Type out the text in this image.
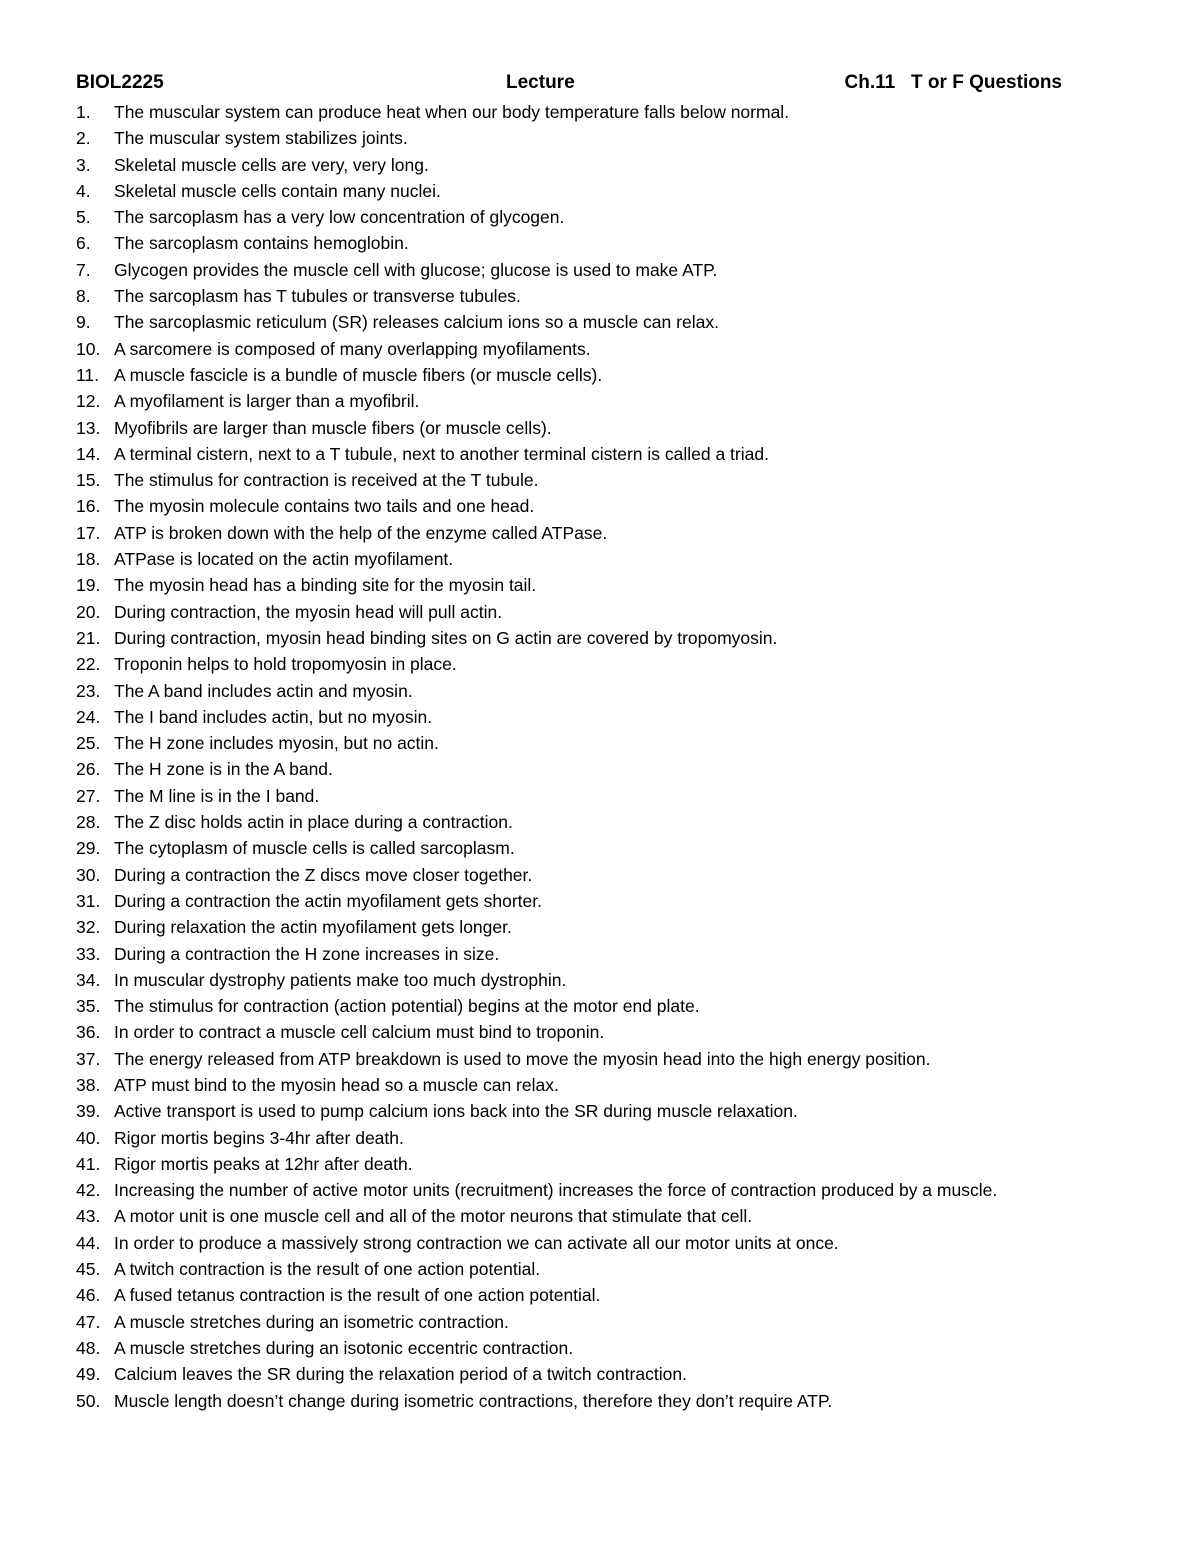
BIOL2225	Lecture	Ch.11   T or F Questions
1. The muscular system can produce heat when our body temperature falls below normal.
2. The muscular system stabilizes joints.
3. Skeletal muscle cells are very, very long.
4. Skeletal muscle cells contain many nuclei.
5. The sarcoplasm has a very low concentration of glycogen.
6. The sarcoplasm contains hemoglobin.
7. Glycogen provides the muscle cell with glucose; glucose is used to make ATP.
8. The sarcoplasm has T tubules or transverse tubules.
9. The sarcoplasmic reticulum (SR) releases calcium ions so a muscle can relax.
10. A sarcomere is composed of many overlapping myofilaments.
11. A muscle fascicle is a bundle of muscle fibers (or muscle cells).
12. A myofilament is larger than a myofibril.
13. Myofibrils are larger than muscle fibers (or muscle cells).
14. A terminal cistern, next to a T tubule, next to another terminal cistern is called a triad.
15. The stimulus for contraction is received at the T tubule.
16. The myosin molecule contains two tails and one head.
17. ATP is broken down with the help of the enzyme called ATPase.
18. ATPase is located on the actin myofilament.
19. The myosin head has a binding site for the myosin tail.
20. During contraction, the myosin head will pull actin.
21. During contraction, myosin head binding sites on G actin are covered by tropomyosin.
22. Troponin helps to hold tropomyosin in place.
23. The A band includes actin and myosin.
24. The I band includes actin, but no myosin.
25. The H zone includes myosin, but no actin.
26. The H zone is in the A band.
27. The M line is in the I band.
28. The Z disc holds actin in place during a contraction.
29. The cytoplasm of muscle cells is called sarcoplasm.
30. During a contraction the Z discs move closer together.
31. During a contraction the actin myofilament gets shorter.
32. During relaxation the actin myofilament gets longer.
33. During a contraction the H zone increases in size.
34. In muscular dystrophy patients make too much dystrophin.
35. The stimulus for contraction (action potential) begins at the motor end plate.
36. In order to contract a muscle cell calcium must bind to troponin.
37. The energy released from ATP breakdown is used to move the myosin head into the high energy position.
38. ATP must bind to the myosin head so a muscle can relax.
39. Active transport is used to pump calcium ions back into the SR during muscle relaxation.
40. Rigor mortis begins 3-4hr after death.
41. Rigor mortis peaks at 12hr after death.
42. Increasing the number of active motor units (recruitment) increases the force of contraction produced by a muscle.
43. A motor unit is one muscle cell and all of the motor neurons that stimulate that cell.
44. In order to produce a massively strong contraction we can activate all our motor units at once.
45. A twitch contraction is the result of one action potential.
46. A fused tetanus contraction is the result of one action potential.
47. A muscle stretches during an isometric contraction.
48. A muscle stretches during an isotonic eccentric contraction.
49. Calcium leaves the SR during the relaxation period of a twitch contraction.
50. Muscle length doesn’t change during isometric contractions, therefore they don’t require ATP.
